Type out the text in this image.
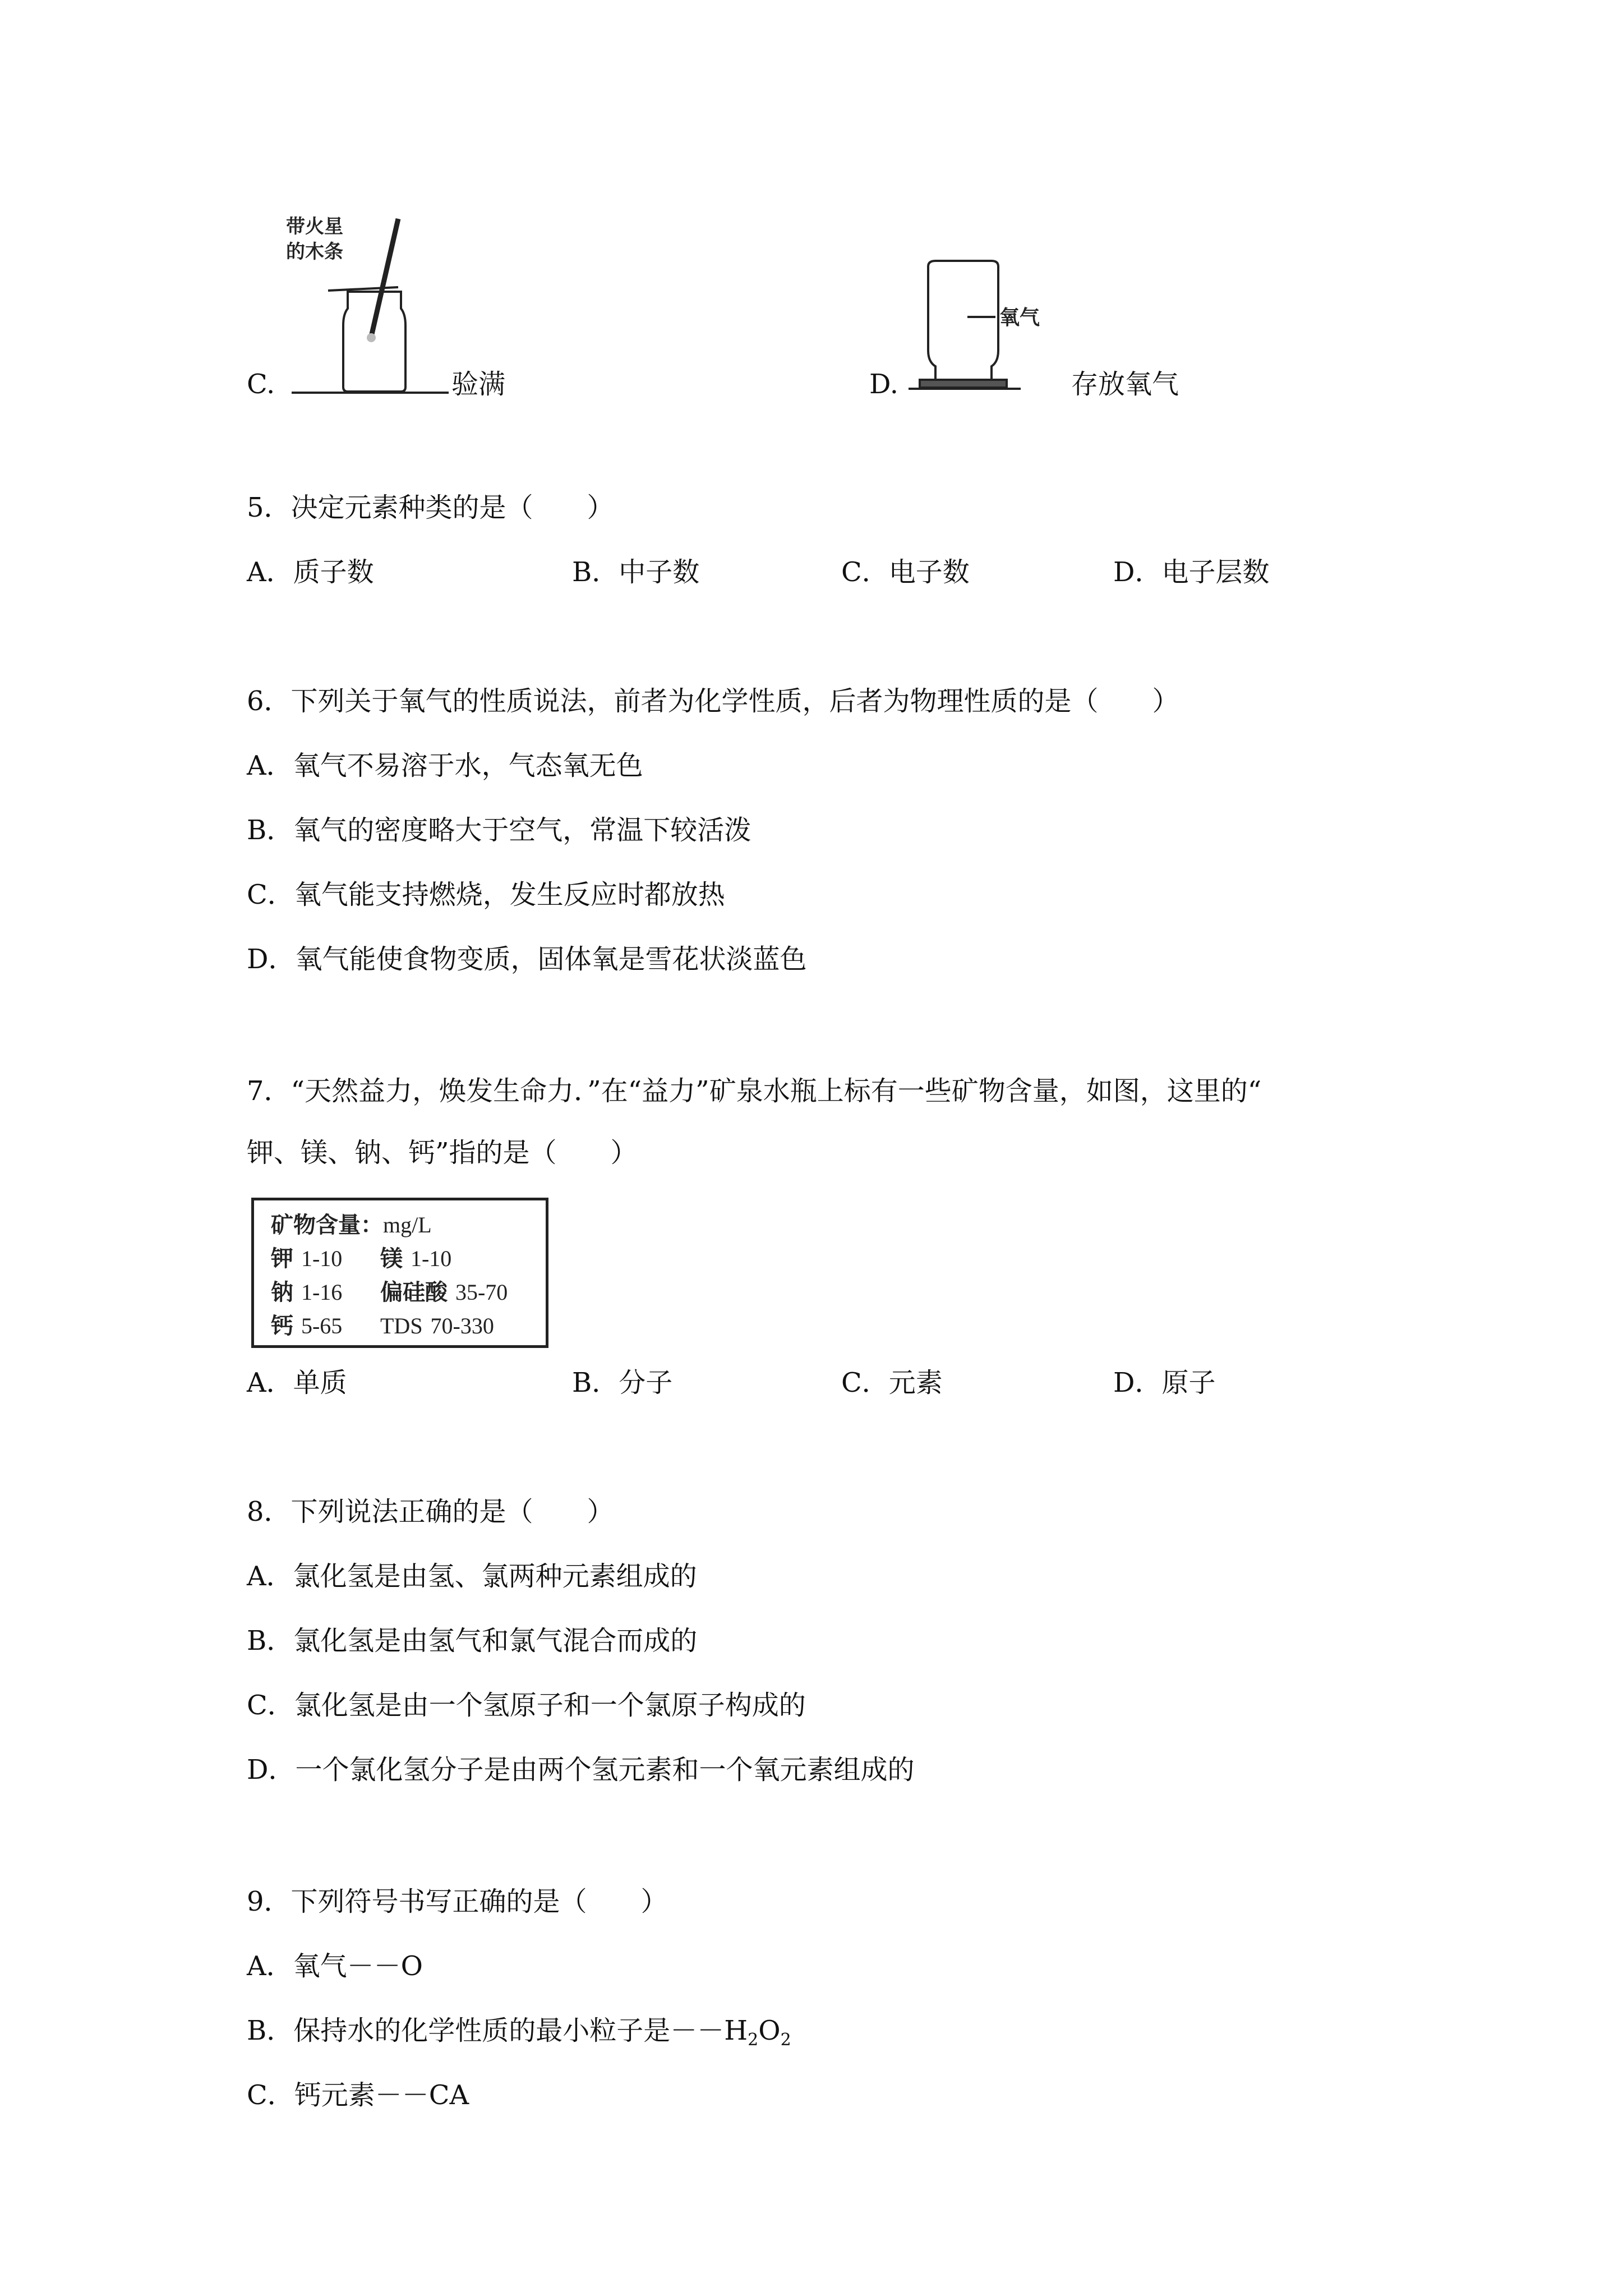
带火星
的木条
C.	验满
氧气
D.	存放氧气
5．决定元素种类的是（　　）
A．质子数	B．中子数	C．电子数	D．电子层数
6．下列关于氧气的性质说法，前者为化学性质，后者为物理性质的是（　　）
A．氧气不易溶于水，气态氧无色
B．氧气的密度略大于空气，常温下较活泼
C．氧气能支持燃烧，发生反应时都放热
D．氧气能使食物变质，固体氧是雪花状淡蓝色
7．“天然益力，焕发生命力．”在“益力”矿泉水瓶上标有一些矿物含量，如图，这里的“
钾、镁、钠、钙”指的是（　　）
矿物含量：mg/L
钾 1-10 镁 1-10
钠 1-16 偏硅酸 35-70
钙 5-65 TDS 70-330
A．单质	B．分子	C．元素	D．原子
8．下列说法正确的是（　　）
A．氯化氢是由氢、氯两种元素组成的
B．氯化氢是由氢气和氯气混合而成的
C．氯化氢是由一个氢原子和一个氯原子构成的
D．一个氯化氢分子是由两个氢元素和一个氧元素组成的
9．下列符号书写正确的是（　　）
A．氧气－－O
B．保持水的化学性质的最小粒子是$--H_2O_2$
C．钙元素－－CA
